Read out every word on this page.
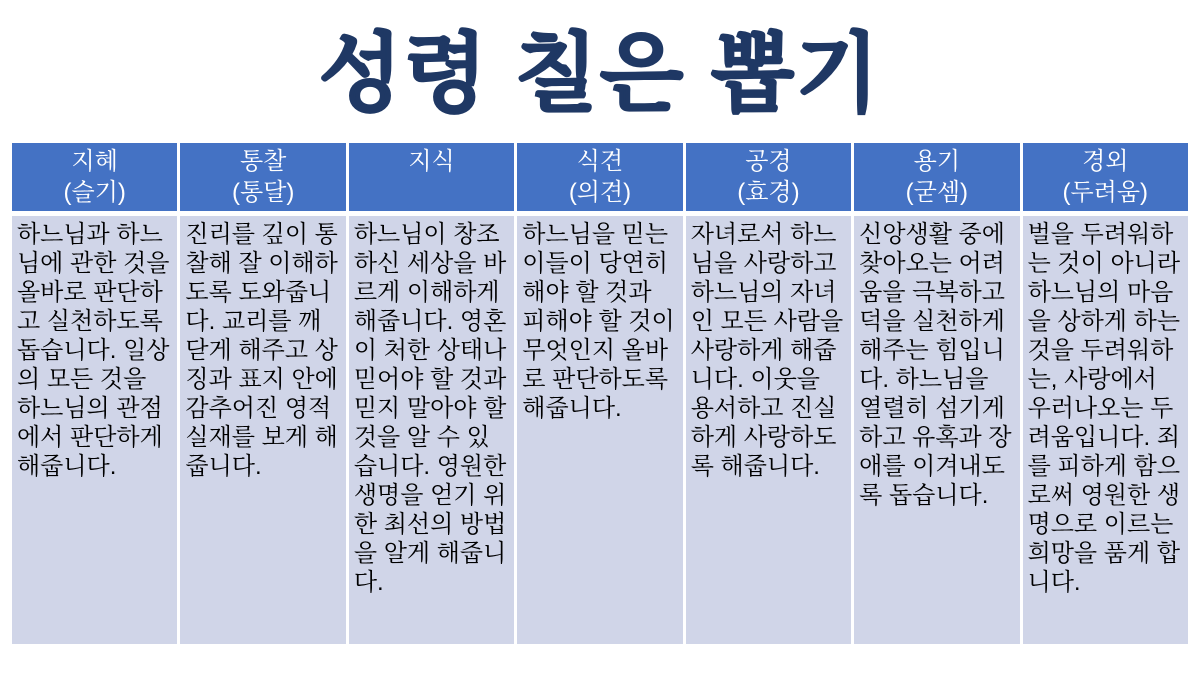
성령 칠은 뽑기
지혜
(슬기)
통찰
(통달)
지식	식견
(의견)
공경
(효경)
용기
(굳셈)
경외
(두려움)
하느님과 하느님에 관한 것을 올바로 판단하고 실천하도록 돕습니다. 일상의 모든 것을 하느님의 관점에서 판단하게 해줍니다.
진리를 깊이 통찰해 잘 이해하도록 도와줍니다. 교리를 깨닫게 해주고 상징과 표지 안에 감추어진 영적 실재를 보게 해줍니다.
하느님이 창조하신 세상을 바르게 이해하게 해줍니다. 영혼이 처한 상태나 믿어야 할 것과 믿지 말아야 할 것을 알 수 있습니다. 영원한 생명을 얻기 위한 최선의 방법을 알게 해줍니다.
하느님을 믿는 이들이 당연히 해야 할 것과 피해야 할 것이 무엇인지 올바로 판단하도록 해줍니다.
자녀로서 하느님을 사랑하고 하느님의 자녀인 모든 사람을 사랑하게 해줍니다. 이웃을 용서하고 진실하게 사랑하도록 해줍니다.
신앙생활 중에 찾아오는 어려움을 극복하고 덕을 실천하게 해주는 힘입니다. 하느님을 열렬히 섬기게 하고 유혹과 장애를 이겨내도록 돕습니다.
벌을 두려워하는 것이 아니라 하느님의 마음을 상하게 하는것을 두려워하는, 사랑에서 우러나오는 두려움입니다. 죄를 피하게 함으로써 영원한 생명으로 이르는 희망을 품게 합니다.
